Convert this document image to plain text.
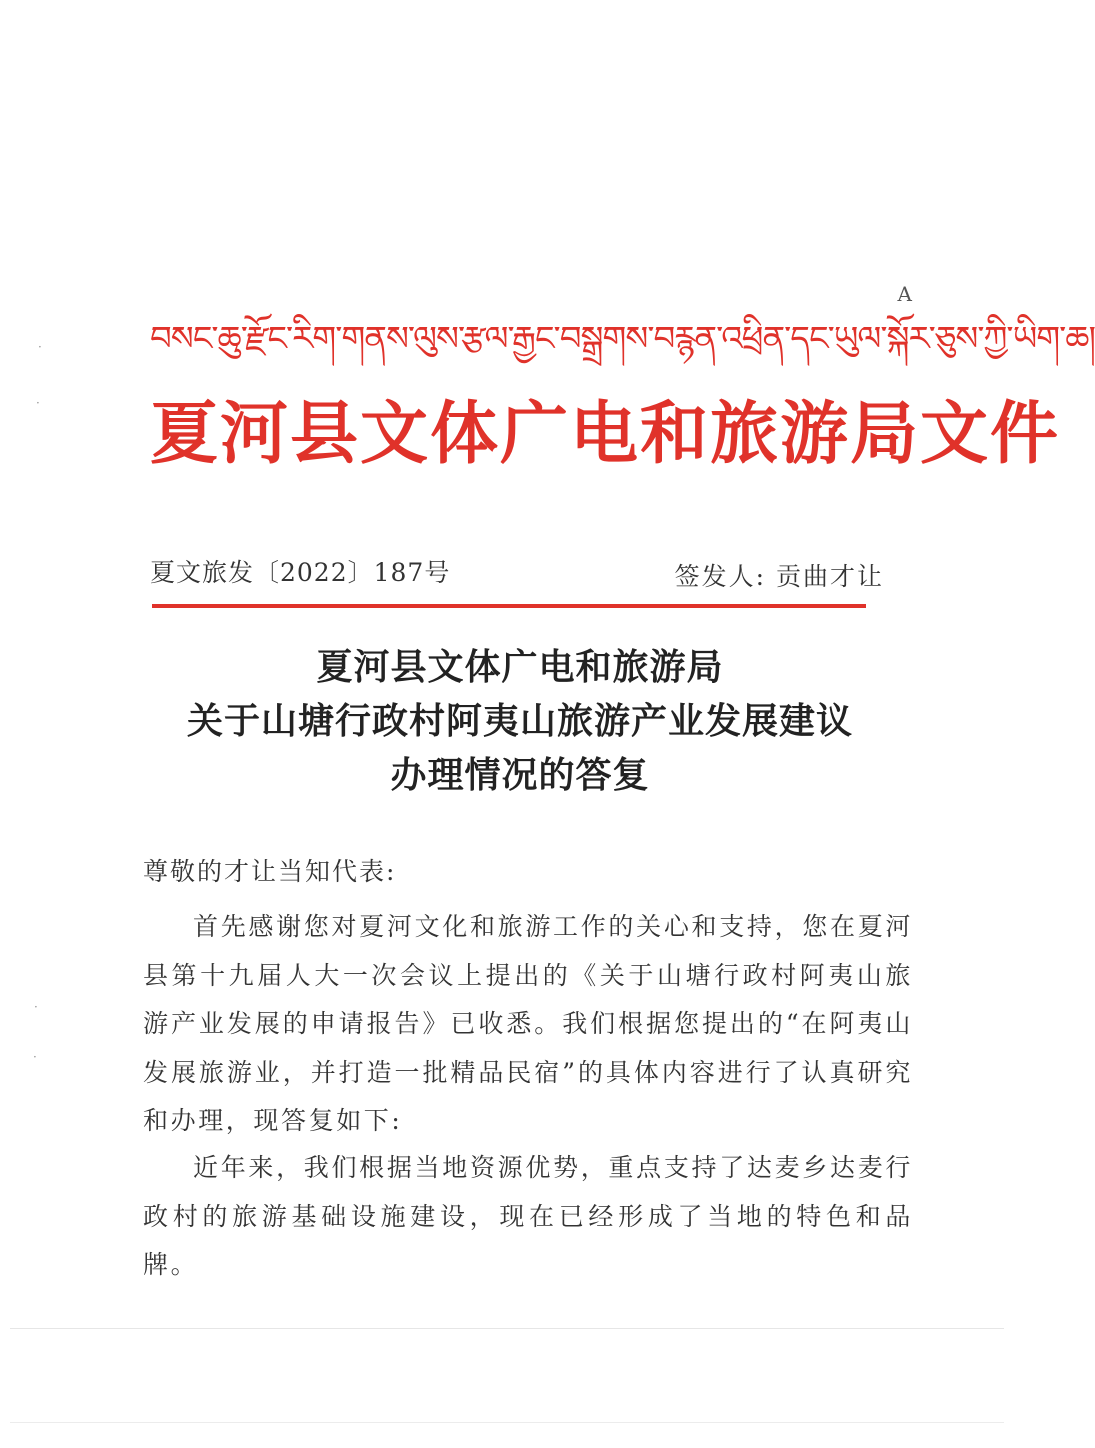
A
བསང་ཆུ་རྫོང་རིག་གནས་ལུས་རྩལ་རྒྱང་བསྒྲགས་བརྙན་འཕྲིན་དང་ཡུལ་སྐོར་ཅུས་ཀྱི་ཡིག་ཆ།
夏河县文体广电和旅游局文件
夏文旅发〔2022〕187号	签发人: 贡曲才让
夏河县文体广电和旅游局
关于山塘行政村阿夷山旅游产业发展建议
办理情况的答复
尊敬的才让当知代表:

首先感谢您对夏河文化和旅游工作的关心和支持，您在夏河县第十九届人大一次会议上提出的《关于山塘行政村阿夷山旅游产业发展的申请报告》已收悉。我们根据您提出的“在阿夷山发展旅游业，并打造一批精品民宿”的具体内容进行了认真研究和办理，现答复如下:

近年来，我们根据当地资源优势，重点支持了达麦乡达麦行政村的旅游基础设施建设，现在已经形成了当地的特色和品牌。

·
·
·
·
